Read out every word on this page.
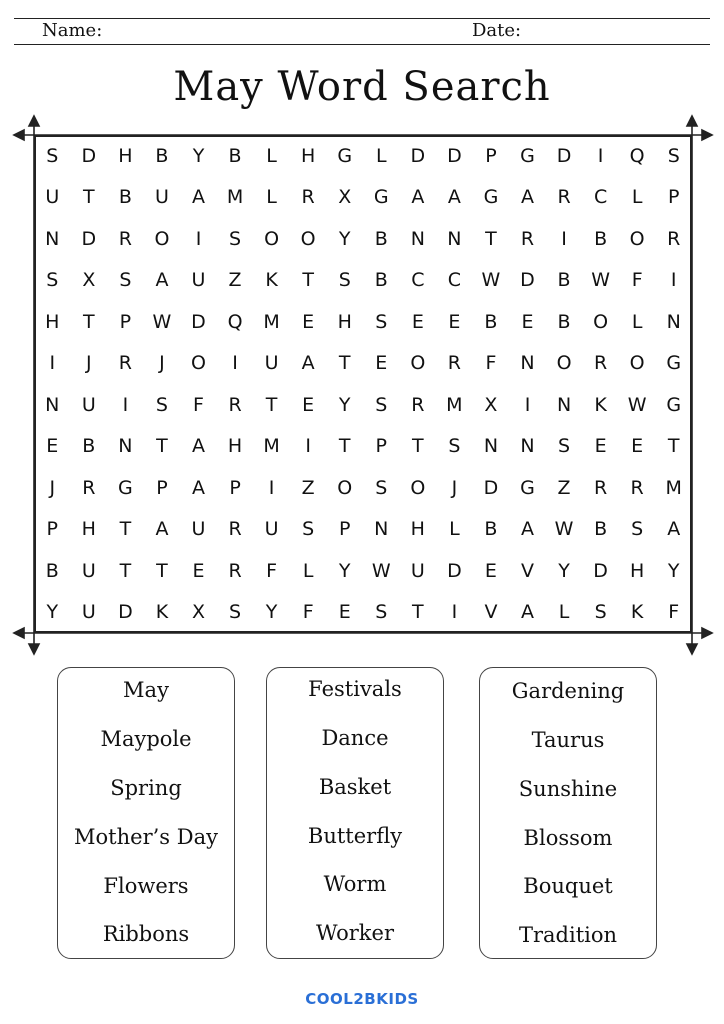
Name:	Date:
May Word Search
S D H B Y B L H G L D D P G D I Q S
U T B U A M L R X G A A G A R C L P
N D R O I S O O Y B N N T R I B O R
S X S A U Z K T S B C C W D B W F I
H T P W D Q M E H S E E B E B O L N
I J R J O I U A T E O R F N O R O G
N U I S F R T E Y S R M X I N K W G
E B N T A H M I T P T S N N S E E T
J R G P A P I Z O S O J D G Z R R M
P H T A U R U S P N H L B A W B S A
B U T T E R F L Y W U D E V Y D H Y
Y U D K X S Y F E S T I V A L S K F
May
Maypole
Spring
Mother’s Day
Flowers
Ribbons
Festivals
Dance
Basket
Butterfly
Worm
Worker
Gardening
Taurus
Sunshine
Blossom
Bouquet
Tradition
COOL2BKIDS
